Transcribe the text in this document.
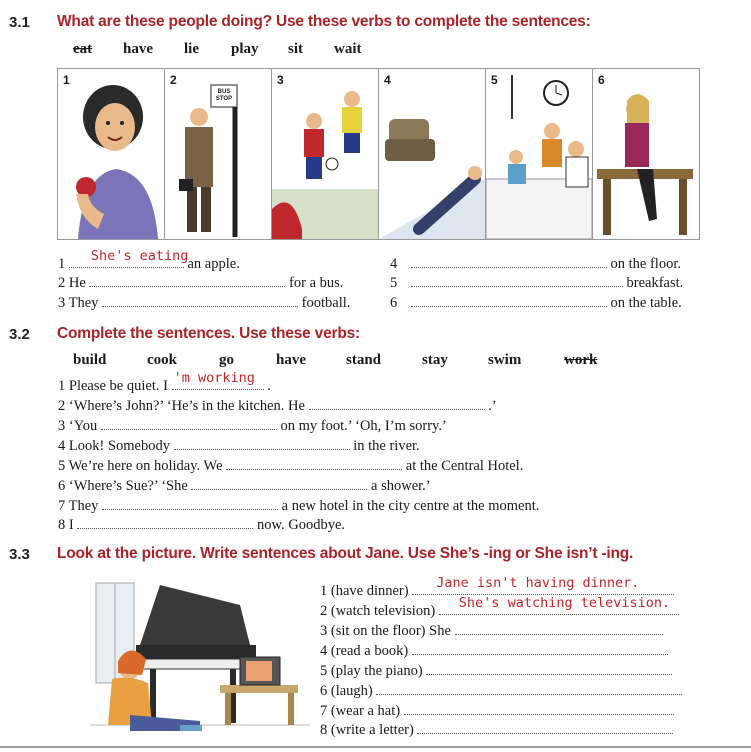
3.1 What are these people doing? Use these verbs to complete the sentences:
eat have lie play sit wait
1	2
BUS STOP
3	4	5	6
1 She's eating an apple.
2 He	for a bus.
3 They	football.
4	on the floor.
5	breakfast.
6	on the table.
3.2 Complete the sentences. Use these verbs:
build	cook	go	have	stand	stay	swim	work
1 Please be quiet. I 'm working .
2 ‘Where’s John?’ ‘He’s in the kitchen. He	.’
3 ‘You	on my foot.’ ‘Oh, I’m sorry.’
4 Look! Somebody	in the river.
5 We’re here on holiday. We	at the Central Hotel.
6 ‘Where’s Sue?’ ‘She	a shower.’
7 They	a new hotel in the city centre at the moment.
8 I	now. Goodbye.
3.3 Look at the picture. Write sentences about Jane. Use She’s -ing or She isn’t -ing.
1 (have dinner) Jane isn't having dinner.
2 (watch television) She's watching television.
3 (sit on the floor) She
4 (read a book)
5 (play the piano)
6 (laugh)
7 (wear a hat)
8 (write a letter)
